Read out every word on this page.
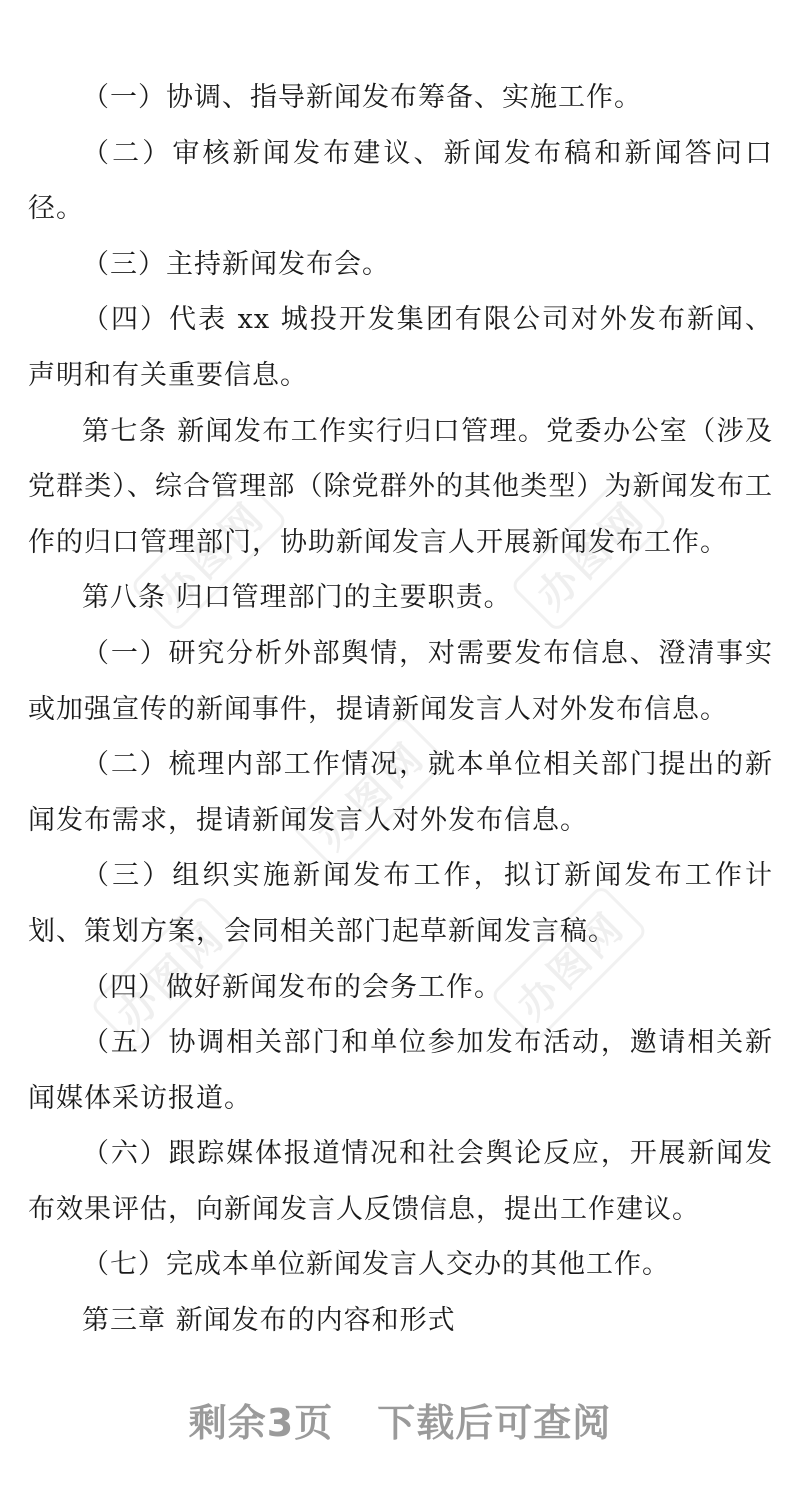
办图网	办图网
办图网
办图网
办图网

（一）协调、指导新闻发布筹备、实施工作。

（二）审核新闻发布建议、新闻发布稿和新闻答问口径。

（三）主持新闻发布会。

（四）代表 xx 城投开发集团有限公司对外发布新闻、声明和有关重要信息。

第七条 新闻发布工作实行归口管理。党委办公室（涉及党群类）、综合管理部（除党群外的其他类型）为新闻发布工作的归口管理部门，协助新闻发言人开展新闻发布工作。

第八条 归口管理部门的主要职责。

（一）研究分析外部舆情，对需要发布信息、澄清事实或加强宣传的新闻事件，提请新闻发言人对外发布信息。

（二）梳理内部工作情况，就本单位相关部门提出的新闻发布需求，提请新闻发言人对外发布信息。

（三）组织实施新闻发布工作，拟订新闻发布工作计划、策划方案，会同相关部门起草新闻发言稿。

（四）做好新闻发布的会务工作。

（五）协调相关部门和单位参加发布活动，邀请相关新闻媒体采访报道。

（六）跟踪媒体报道情况和社会舆论反应，开展新闻发布效果评估，向新闻发言人反馈信息，提出工作建议。

（七）完成本单位新闻发言人交办的其他工作。

第三章 新闻发布的内容和形式

剩余3页 下载后可查阅
